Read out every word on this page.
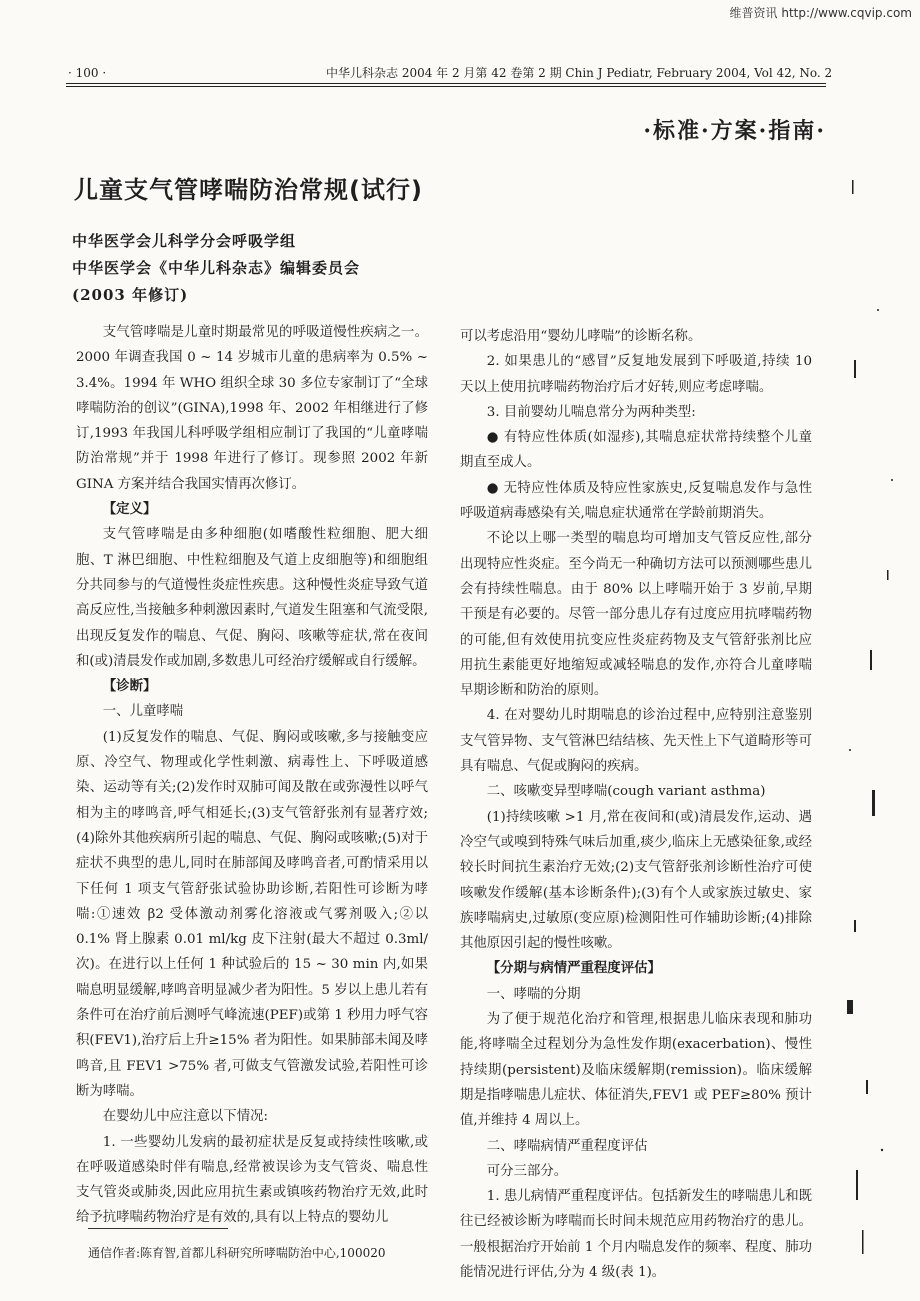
维普资讯 http://www.cqvip.com
· 100 ·	中华儿科杂志 2004 年 2 月第 42 卷第 2 期 Chin J Pediatr, February 2004, Vol 42, No. 2
·标准·方案·指南·
儿童支气管哮喘防治常规(试行)
中华医学会儿科学分会呼吸学组
中华医学会《中华儿科杂志》编辑委员会
(2003 年修订)

支气管哮喘是儿童时期最常见的呼吸道慢性疾病之一。2000 年调查我国 0 ~ 14 岁城市儿童的患病率为 0.5% ~ 3.4%。1994 年 WHO 组织全球 30 多位专家制订了“全球哮喘防治的创议”(GINA),1998 年、2002 年相继进行了修订,1993 年我国儿科呼吸学组相应制订了我国的“儿童哮喘防治常规”并于 1998 年进行了修订。现参照 2002 年新 GINA 方案并结合我国实情再次修订。

【定义】

支气管哮喘是由多种细胞(如嗜酸性粒细胞、肥大细胞、T 淋巴细胞、中性粒细胞及气道上皮细胞等)和细胞组分共同参与的气道慢性炎症性疾患。这种慢性炎症导致气道高反应性,当接触多种刺激因素时,气道发生阻塞和气流受限,出现反复发作的喘息、气促、胸闷、咳嗽等症状,常在夜间和(或)清晨发作或加剧,多数患儿可经治疗缓解或自行缓解。

【诊断】

一、儿童哮喘

(1)反复发作的喘息、气促、胸闷或咳嗽,多与接触变应原、冷空气、物理或化学性刺激、病毒性上、下呼吸道感染、运动等有关;(2)发作时双肺可闻及散在或弥漫性以呼气相为主的哮鸣音,呼气相延长;(3)支气管舒张剂有显著疗效;(4)除外其他疾病所引起的喘息、气促、胸闷或咳嗽;(5)对于症状不典型的患儿,同时在肺部闻及哮鸣音者,可酌情采用以下任何 1 项支气管舒张试验协助诊断,若阳性可诊断为哮喘:①速效 β2 受体激动剂雾化溶液或气雾剂吸入;②以 0.1% 肾上腺素 0.01 ml/kg 皮下注射(最大不超过 0.3ml/次)。在进行以上任何 1 种试验后的 15 ~ 30 min 内,如果喘息明显缓解,哮鸣音明显减少者为阳性。5 岁以上患儿若有条件可在治疗前后测呼气峰流速(PEF)或第 1 秒用力呼气容积(FEV1),治疗后上升≥15% 者为阳性。如果肺部未闻及哮鸣音,且 FEV1 >75% 者,可做支气管激发试验,若阳性可诊断为哮喘。

在婴幼儿中应注意以下情况:

1. 一些婴幼儿发病的最初症状是反复或持续性咳嗽,或在呼吸道感染时伴有喘息,经常被误诊为支气管炎、喘息性支气管炎或肺炎,因此应用抗生素或镇咳药物治疗无效,此时给予抗哮喘药物治疗是有效的,具有以上特点的婴幼儿

可以考虑沿用“婴幼儿哮喘”的诊断名称。

2. 如果患儿的“感冒”反复地发展到下呼吸道,持续 10 天以上使用抗哮喘药物治疗后才好转,则应考虑哮喘。

3. 目前婴幼儿喘息常分为两种类型:

● 有特应性体质(如湿疹),其喘息症状常持续整个儿童期直至成人。

● 无特应性体质及特应性家族史,反复喘息发作与急性呼吸道病毒感染有关,喘息症状通常在学龄前期消失。

不论以上哪一类型的喘息均可增加支气管反应性,部分出现特应性炎症。至今尚无一种确切方法可以预测哪些患儿会有持续性喘息。由于 80% 以上哮喘开始于 3 岁前,早期干预是有必要的。尽管一部分患儿存有过度应用抗哮喘药物的可能,但有效使用抗变应性炎症药物及支气管舒张剂比应用抗生素能更好地缩短或减轻喘息的发作,亦符合儿童哮喘早期诊断和防治的原则。

4. 在对婴幼儿时期喘息的诊治过程中,应特别注意鉴别支气管异物、支气管淋巴结结核、先天性上下气道畸形等可具有喘息、气促或胸闷的疾病。

二、咳嗽变异型哮喘(cough variant asthma)

(1)持续咳嗽 >1 月,常在夜间和(或)清晨发作,运动、遇冷空气或嗅到特殊气味后加重,痰少,临床上无感染征象,或经较长时间抗生素治疗无效;(2)支气管舒张剂诊断性治疗可使咳嗽发作缓解(基本诊断条件);(3)有个人或家族过敏史、家族哮喘病史,过敏原(变应原)检测阳性可作辅助诊断;(4)排除其他原因引起的慢性咳嗽。

【分期与病情严重程度评估】

一、哮喘的分期

为了便于规范化治疗和管理,根据患儿临床表现和肺功能,将哮喘全过程划分为急性发作期(exacerbation)、慢性持续期(persistent)及临床缓解期(remission)。临床缓解期是指哮喘患儿症状、体征消失,FEV1 或 PEF≥80% 预计值,并维持 4 周以上。

二、哮喘病情严重程度评估

可分三部分。

1. 患儿病情严重程度评估。包括新发生的哮喘患儿和既往已经被诊断为哮喘而长时间未规范应用药物治疗的患儿。一般根据治疗开始前 1 个月内喘息发作的频率、程度、肺功能情况进行评估,分为 4 级(表 1)。

通信作者:陈育智,首都儿科研究所哮喘防治中心,100020
